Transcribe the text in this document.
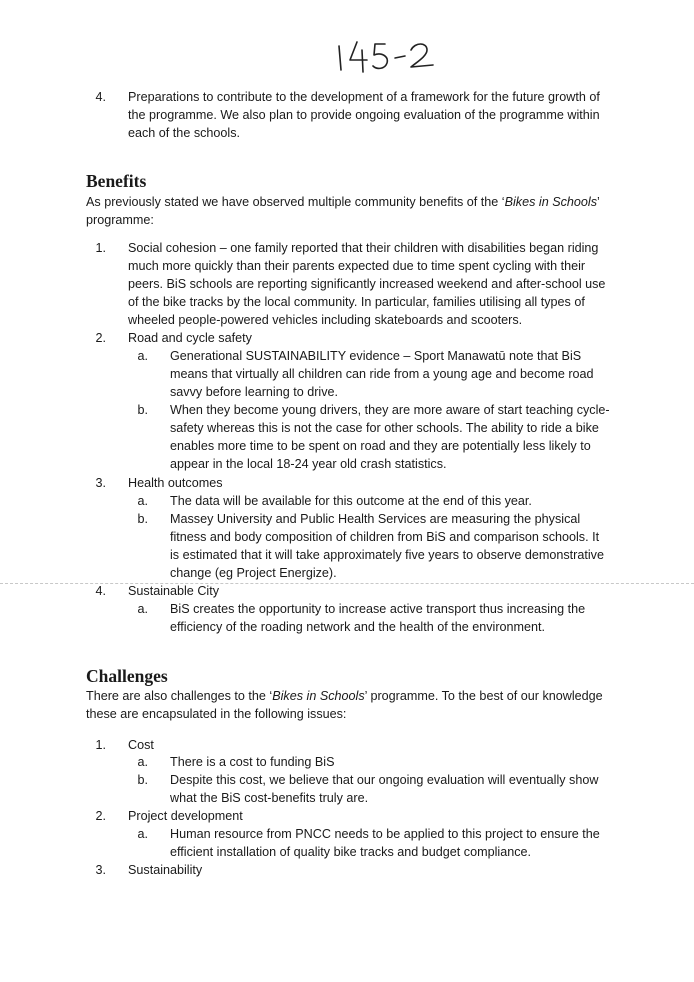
4. Preparations to contribute to the development of a framework for the future growth of the programme. We also plan to provide ongoing evaluation of the programme within each of the schools.
Benefits
As previously stated we have observed multiple community benefits of the ‘Bikes in Schools’ programme:
1. Social cohesion – one family reported that their children with disabilities began riding much more quickly than their parents expected due to time spent cycling with their peers. BiS schools are reporting significantly increased weekend and after-school use of the bike tracks by the local community. In particular, families utilising all types of wheeled people-powered vehicles including skateboards and scooters.
2. Road and cycle safety
a. Generational SUSTAINABILITY evidence – Sport Manawatū note that BiS means that virtually all children can ride from a young age and become road savvy before learning to drive.
b. When they become young drivers, they are more aware of start teaching cycle-safety whereas this is not the case for other schools. The ability to ride a bike enables more time to be spent on road and they are potentially less likely to appear in the local 18-24 year old crash statistics.
3. Health outcomes
a. The data will be available for this outcome at the end of this year.
b. Massey University and Public Health Services are measuring the physical fitness and body composition of children from BiS and comparison schools. It is estimated that it will take approximately five years to observe demonstrative change (eg Project Energize).
4. Sustainable City
a. BiS creates the opportunity to increase active transport thus increasing the efficiency of the roading network and the health of the environment.
Challenges
There are also challenges to the ‘Bikes in Schools’ programme. To the best of our knowledge these are encapsulated in the following issues:
1. Cost
a. There is a cost to funding BiS
b. Despite this cost, we believe that our ongoing evaluation will eventually show what the BiS cost-benefits truly are.
2. Project development
a. Human resource from PNCC needs to be applied to this project to ensure the efficient installation of quality bike tracks and budget compliance.
3. Sustainability
